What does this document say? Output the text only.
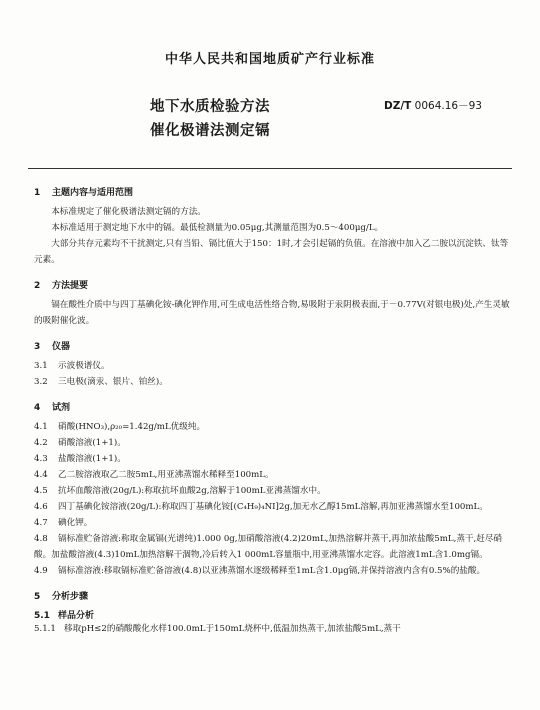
中华人民共和国地质矿产行业标准
地下水质检验方法
催化极谱法测定镉
DZ/T 0064.16－93

1 主题内容与适用范围

本标准规定了催化极谱法测定镉的方法。

本标准适用于测定地下水中的镉。最低检测量为0.05μg,其测量范围为0.5～400μg/L。

大部分共存元素均不干扰测定,只有当铅、镉比值大于150：1时,才会引起镉的负值。在溶液中加入乙二胺以沉淀铁、钛等元素。

2 方法提要

镉在酸性介质中与四丁基碘化铵-碘化钾作用,可生成电活性络合物,易吸附于汞阴极表面,于－0.77V(对银电极)处,产生灵敏的吸附催化波。

3 仪器

3.1 示波极谱仪。

3.2 三电极(滴汞、银片、铂丝)。

4 试剂

4.1 硝酸(HNO₃),ρ₂₀=1.42g/mL优级纯。

4.2 硝酸溶液(1+1)。

4.3 盐酸溶液(1+1)。

4.4 乙二胺溶液取乙二胺5mL,用亚沸蒸馏水稀释至100mL。

4.5 抗坏血酸溶液(20g/L):称取抗坏血酸2g,溶解于100mL亚沸蒸馏水中。

4.6 四丁基碘化铵溶液(20g/L):称取四丁基碘化铵[(C₄H₉)₄NI]2g,加无水乙醇15mL溶解,再加亚沸蒸馏水至100mL。

4.7 碘化钾。

4.8 镉标准贮备溶液:称取金属镉(光谱纯)1.000 0g,加硝酸溶液(4.2)20mL,加热溶解并蒸干,再加浓盐酸5mL,蒸干,赶尽硝酸。加盐酸溶液(4.3)10mL加热溶解干涸物,冷后转入1 000mL容量瓶中,用亚沸蒸馏水定容。此溶液1mL含1.0mg镉。

4.9 镉标准溶液:移取镉标准贮备溶液(4.8)以亚沸蒸馏水逐级稀释至1mL含1.0μg镉,并保持溶液内含有0.5%的盐酸。

5 分析步骤

5.1 样品分析

5.1.1 移取pH≤2的硝酸酸化水样100.0mL于150mL烧杯中,低温加热蒸干,加浓盐酸5mL,蒸干
